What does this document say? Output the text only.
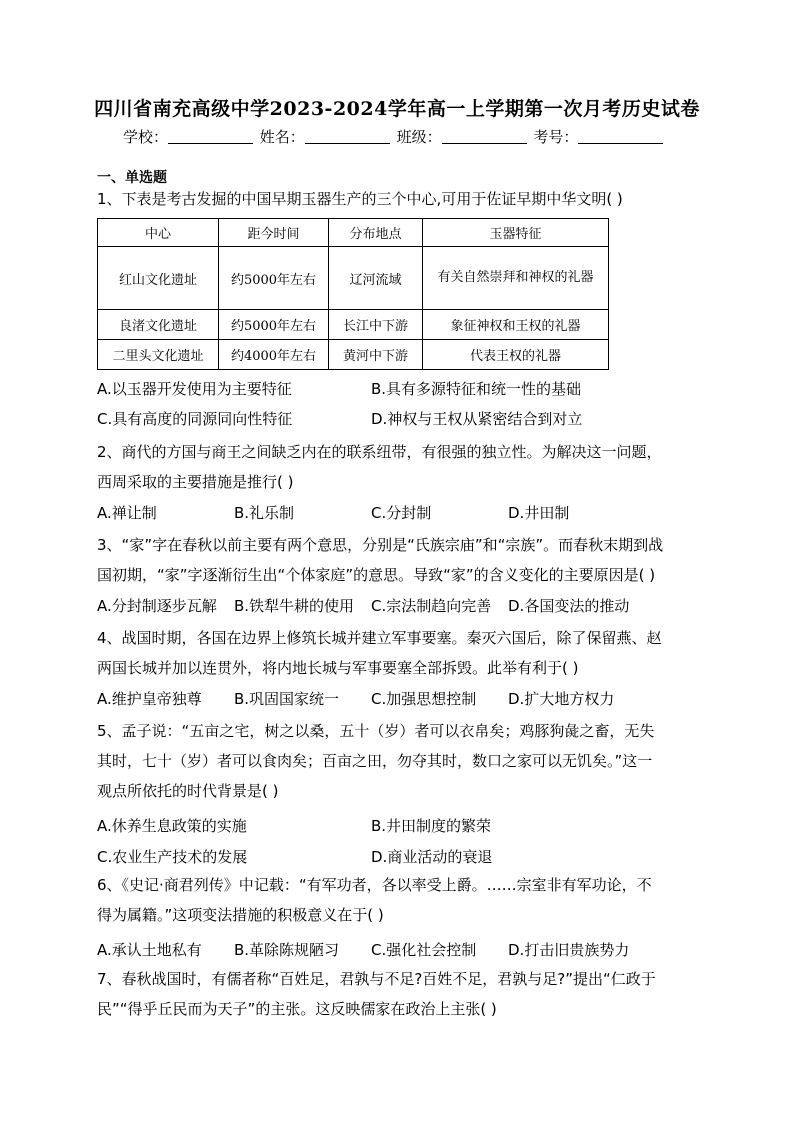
四川省南充高级中学2023-2024学年高一上学期第一次月考历史试卷
学校：	姓名：	班级：	考号：
一、单选题
1、下表是考古发掘的中国早期玉器生产的三个中心,可用于佐证早期中华文明( )
中心	距今时间	分布地点	玉器特征
红山文化遗址	约5000年左右	辽河流域	有关自然崇拜和神权的礼器
良渚文化遗址	约5000年左右	长江中下游	象征神权和王权的礼器
二里头文化遗址	约4000年左右	黄河中下游	代表王权的礼器
A.以玉器开发使用为主要特征	B.具有多源特征和统一性的基础
C.具有高度的同源同向性特征	D.神权与王权从紧密结合到对立
2、商代的方国与商王之间缺乏内在的联系纽带，有很强的独立性。为解决这一问题，
西周采取的主要措施是推行( )
A.禅让制	B.礼乐制	C.分封制	D.井田制
3、“家”字在春秋以前主要有两个意思，分别是“氏族宗庙”和“宗族”。而春秋末期到战
国初期，“家”字逐渐衍生出“个体家庭”的意思。导致“家”的含义变化的主要原因是( )
A.分封制逐步瓦解 B.铁犁牛耕的使用 C.宗法制趋向完善 D.各国变法的推动
4、战国时期，各国在边界上修筑长城并建立军事要塞。秦灭六国后，除了保留燕、赵
两国长城并加以连贯外，将内地长城与军事要塞全部拆毁。此举有利于( )
A.维护皇帝独尊 B.巩固国家统一 C.加强思想控制 D.扩大地方权力
5、孟子说：“五亩之宅，树之以桑，五十（岁）者可以衣帛矣；鸡豚狗彘之畜，无失
其时，七十（岁）者可以食肉矣；百亩之田，勿夺其时，数口之家可以无饥矣。”这一
观点所依托的时代背景是( )
A.休养生息政策的实施	B.井田制度的繁荣
C.农业生产技术的发展	D.商业活动的衰退
6、《史记·商君列传》中记载：“有军功者，各以率受上爵。……宗室非有军功论，不
得为属籍。”这项变法措施的积极意义在于( )
A.承认土地私有 B.革除陈规陋习 C.强化社会控制 D.打击旧贵族势力
7、春秋战国时，有儒者称“百姓足，君孰与不足?百姓不足，君孰与足?”提出“仁政于
民”“得乎丘民而为天子”的主张。这反映儒家在政治上主张( )
